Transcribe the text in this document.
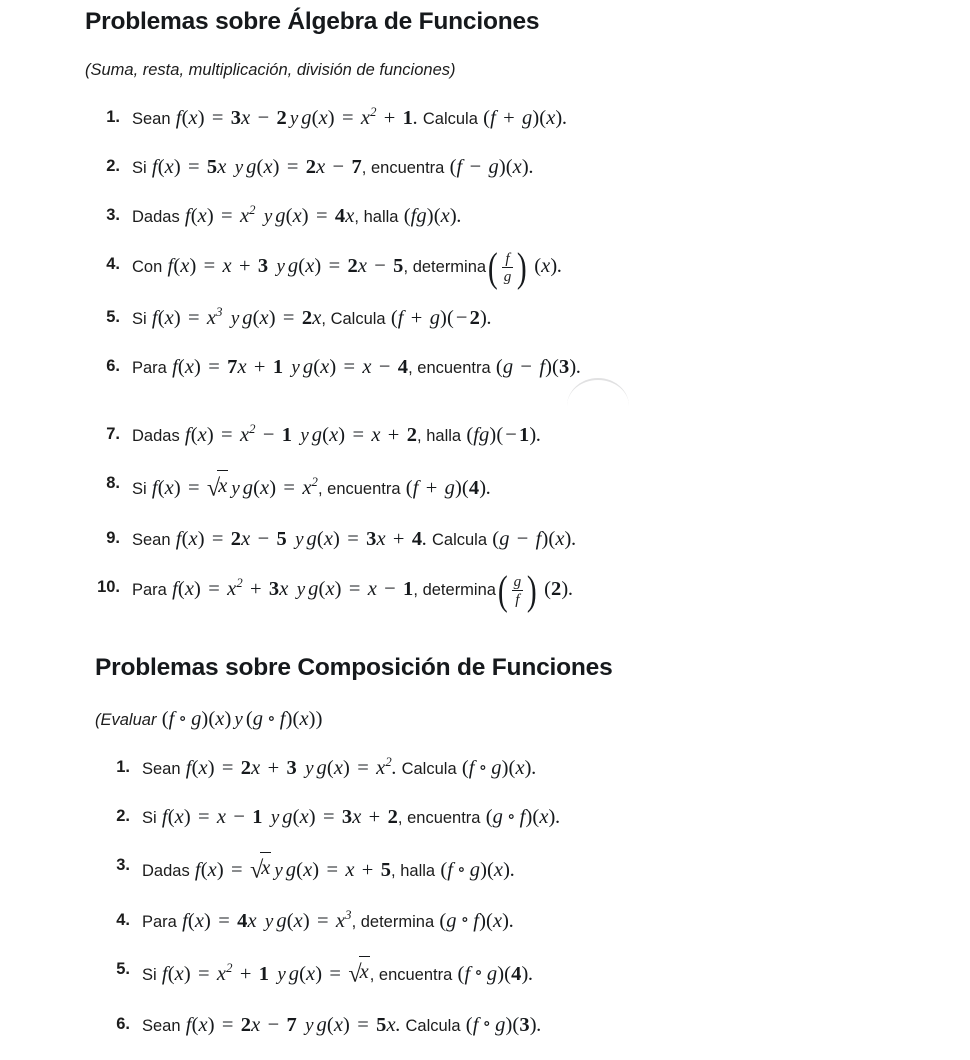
Problemas sobre Álgebra de Funciones

(Suma, resta, multiplicación, división de funciones)

1. Sean f(x) = 3x − 2 y $g(x) = x^2 + 1$. Calcula (f + g)(x).
2. Si f(x) = 5x y g(x) = 2x − 7, encuentra (f − g)(x).
3. Dadas $f(x) = x^2$ y g(x) = 4x, halla (fg)(x).
4. Con f(x) = x + 3 y g(x) = 2x − 5, determina( $\frac{f}{g}$ ) (x).
5. Si $f(x) = x^3$ y g(x) = 2x, Calcula (f + g)(−2).
6. Para f(x) = 7x + 1 y g(x) = x − 4, encuentra (g − f)(3).
7. Dadas $f(x) = x^2 - 1$ y g(x) = x + 2, halla (fg)(−1).
8. Si f(x) = √x y $g(x) = x^2$, encuentra (f + g)(4).
9. Sean f(x) = 2x − 5 y g(x) = 3x + 4. Calcula (g − f)(x).
10. Para $f(x) = x^2 + 3x$ y g(x) = x − 1, determina( $\frac{g}{f}$ ) (2).
Problemas sobre Composición de Funciones

(Evaluar (f ∘ g)(x) y (g ∘ f)(x))

1. Sean f(x) = 2x + 3 y $g(x) = x^2$. Calcula (f ∘ g)(x).
2. Si f(x) = x − 1 y g(x) = 3x + 2, encuentra (g ∘ f)(x).
3. Dadas f(x) = √x y g(x) = x + 5, halla (f ∘ g)(x).
4. Para f(x) = 4x y $g(x) = x^3$, determina (g ∘ f)(x).
5. Si $f(x) = x^2 + 1$ y g(x) = √x, encuentra (f ∘ g)(4).
6. Sean f(x) = 2x − 7 y g(x) = 5x. Calcula (f ∘ g)(3).
